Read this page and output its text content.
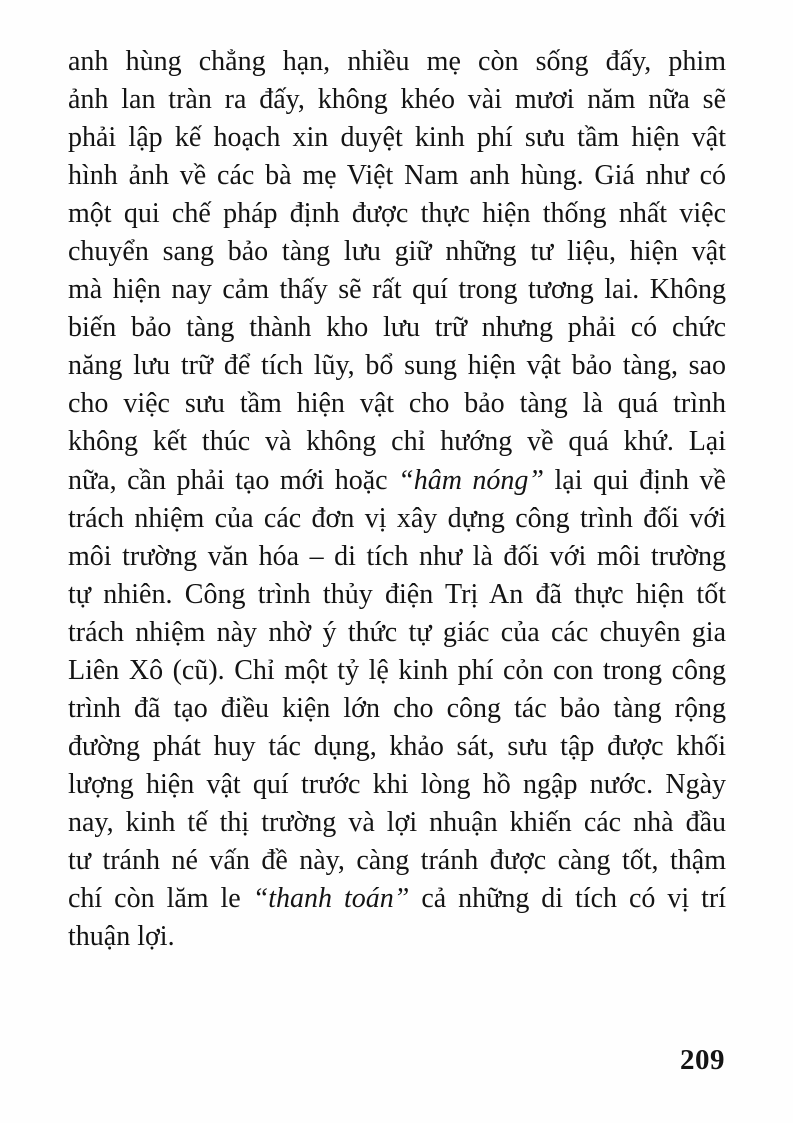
anh hùng chẳng hạn, nhiều mẹ còn sống đấy, phim
ảnh lan tràn ra đấy, không khéo vài mươi năm nữa sẽ
phải lập kế hoạch xin duyệt kinh phí sưu tầm hiện vật
hình ảnh về các bà mẹ Việt Nam anh hùng. Giá như có
một qui chế pháp định được thực hiện thống nhất việc
chuyển sang bảo tàng lưu giữ những tư liệu, hiện vật
mà hiện nay cảm thấy sẽ rất quí trong tương lai. Không
biến bảo tàng thành kho lưu trữ nhưng phải có chức
năng lưu trữ để tích lũy, bổ sung hiện vật bảo tàng, sao
cho việc sưu tầm hiện vật cho bảo tàng là quá trình
không kết thúc và không chỉ hướng về quá khứ. Lại
nữa, cần phải tạo mới hoặc “hâm nóng” lại qui định về
trách nhiệm của các đơn vị xây dựng công trình đối với
môi trường văn hóa – di tích như là đối với môi trường
tự nhiên. Công trình thủy điện Trị An đã thực hiện tốt
trách nhiệm này nhờ ý thức tự giác của các chuyên gia
Liên Xô (cũ). Chỉ một tỷ lệ kinh phí cỏn con trong công
trình đã tạo điều kiện lớn cho công tác bảo tàng rộng
đường phát huy tác dụng, khảo sát, sưu tập được khối
lượng hiện vật quí trước khi lòng hồ ngập nước. Ngày
nay, kinh tế thị trường và lợi nhuận khiến các nhà đầu
tư tránh né vấn đề này, càng tránh được càng tốt, thậm
chí còn lăm le “thanh toán” cả những di tích có vị trí
thuận lợi.
209
